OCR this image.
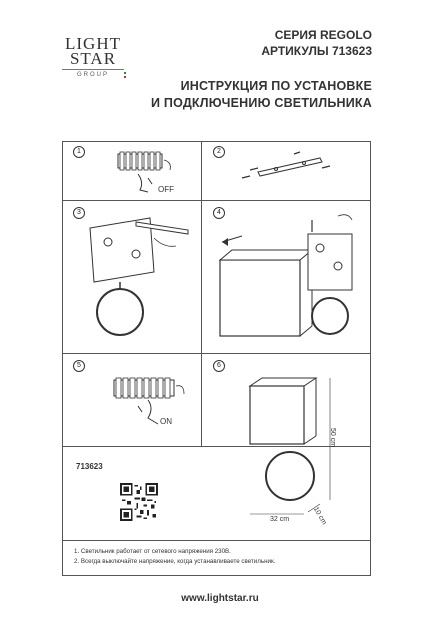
LIGHT
STAR
GROUP
СЕРИЯ REGOLO
АРТИКУЛЫ 713623
ИНСТРУКЦИЯ ПО УСТАНОВКЕ
И ПОДКЛЮЧЕНИЮ СВЕТИЛЬНИКА
1	2
3	4
5	6
OFF
ON
50 cm
32 cm	10 cm
713623
1. Светильник работает от сетевого напряжения 230В.
2. Всегда выключайте напряжение, когда устанавливаете светильник.
www.lightstar.ru
